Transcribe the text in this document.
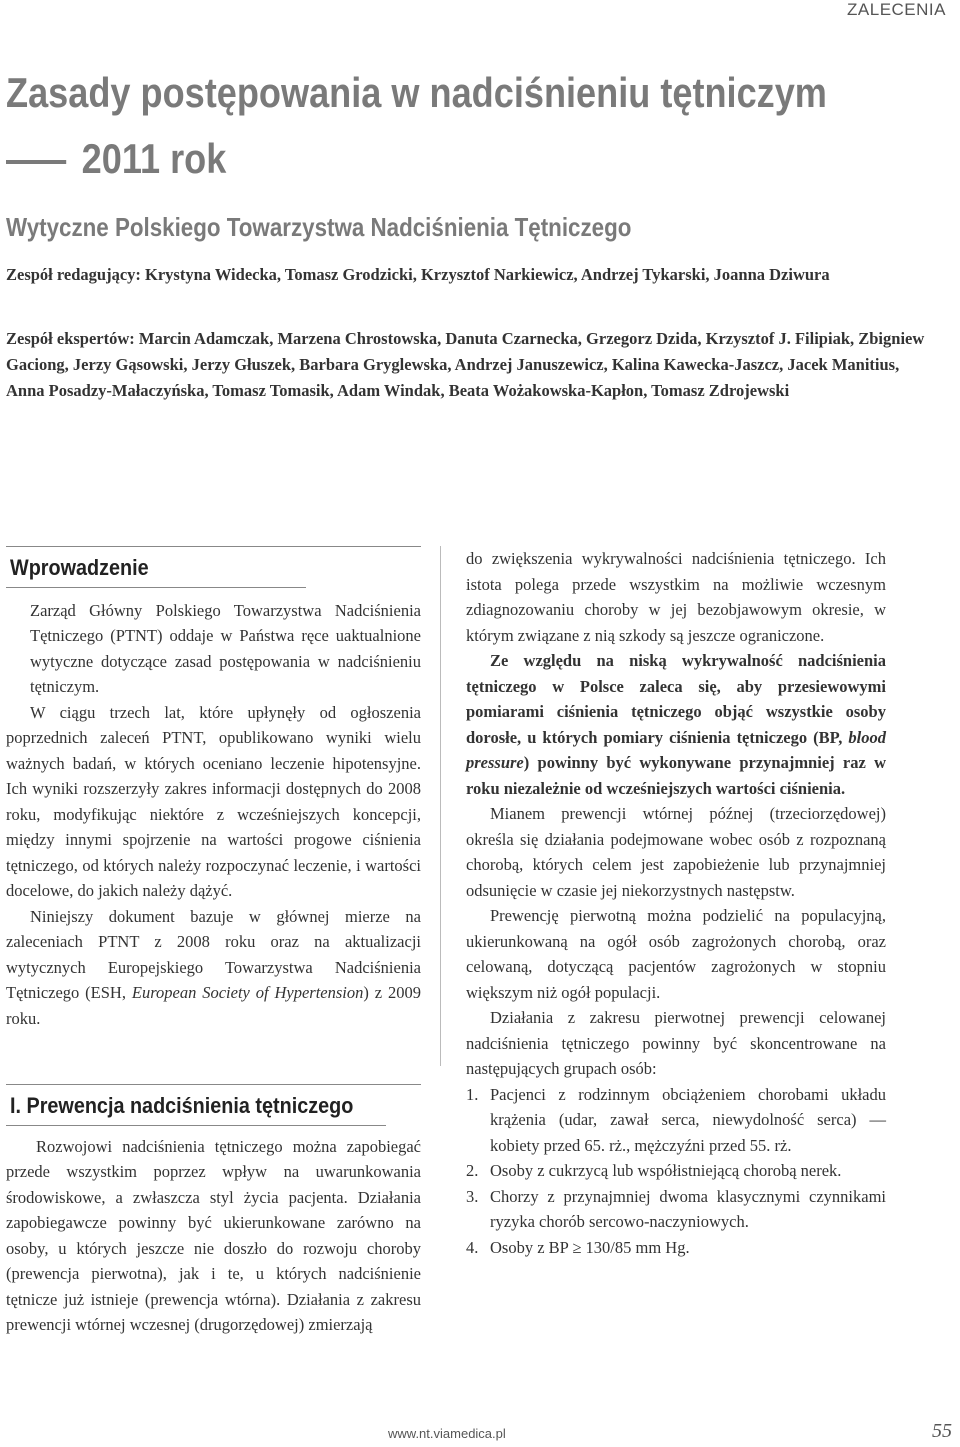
ZALECENIA
Zasady postępowania w nadciśnieniu tętniczym
2011 rok
Wytyczne Polskiego Towarzystwa Nadciśnienia Tętniczego

Zespół redagujący: Krystyna Widecka, Tomasz Grodzicki, Krzysztof Narkiewicz, Andrzej Tykarski, Joanna Dziwura

Zespół ekspertów: Marcin Adamczak, Marzena Chrostowska, Danuta Czarnecka, Grzegorz Dzida, Krzysztof J. Filipiak, Zbigniew Gaciong, Jerzy Gąsowski, Jerzy Głuszek, Barbara Gryglewska, Andrzej Januszewicz, Kalina Kawecka-Jaszcz, Jacek Manitius, Anna Posadzy-Małaczyńska, Tomasz Tomasik, Adam Windak, Beata Wożakowska-Kapłon, Tomasz Zdrojewski

Wprowadzenie

Zarząd Główny Polskiego Towarzystwa Nadciśnienia Tętniczego (PTNT) oddaje w Państwa ręce uaktualnione wytyczne dotyczące zasad postępowania w nadciśnieniu tętniczym.

W ciągu trzech lat, które upłynęły od ogłoszenia poprzednich zaleceń PTNT, opublikowano wyniki wielu ważnych badań, w których oceniano leczenie hipotensyjne. Ich wyniki rozszerzyły zakres informacji dostępnych do 2008 roku, modyfikując niektóre z wcześniejszych koncepcji, między innymi spojrzenie na wartości progowe ciśnienia tętniczego, od których należy rozpoczynać leczenie, i wartości docelowe, do jakich należy dążyć.

Niniejszy dokument bazuje w głównej mierze na zaleceniach PTNT z 2008 roku oraz na aktualizacji wytycznych Europejskiego Towarzystwa Nadciśnienia Tętniczego (ESH, European Society of Hypertension) z 2009 roku.

I. Prewencja nadciśnienia tętniczego

Rozwojowi nadciśnienia tętniczego można zapobiegać przede wszystkim poprzez wpływ na uwarunkowania środowiskowe, a zwłaszcza styl życia pacjenta. Działania zapobiegawcze powinny być ukierunkowane zarówno na osoby, u których jeszcze nie doszło do rozwoju choroby (prewencja pierwotna), jak i te, u których nadciśnienie tętnicze już istnieje (prewencja wtórna). Działania z zakresu prewencji wtórnej wczesnej (drugorzędowej) zmierzają

do zwiększenia wykrywalności nadciśnienia tętniczego. Ich istota polega przede wszystkim na możliwie wczesnym zdiagnozowaniu choroby w jej bezobjawowym okresie, w którym związane z nią szkody są jeszcze ograniczone.

Ze względu na niską wykrywalność nadciśnienia tętniczego w Polsce zaleca się, aby przesiewowymi pomiarami ciśnienia tętniczego objąć wszystkie osoby dorosłe, u których pomiary ciśnienia tętniczego (BP, blood pressure) powinny być wykonywane przynajmniej raz w roku niezależnie od wcześniejszych wartości ciśnienia.

Mianem prewencji wtórnej późnej (trzeciorzędowej) określa się działania podejmowane wobec osób z rozpoznaną chorobą, których celem jest zapobieżenie lub przynajmniej odsunięcie w czasie jej niekorzystnych następstw.

Prewencję pierwotną można podzielić na populacyjną, ukierunkowaną na ogół osób zagrożonych chorobą, oraz celowaną, dotyczącą pacjentów zagrożonych w stopniu większym niż ogół populacji.

Działania z zakresu pierwotnej prewencji celowanej nadciśnienia tętniczego powinny być skoncentrowane na następujących grupach osób:

1. Pacjenci z rodzinnym obciążeniem chorobami układu krążenia (udar, zawał serca, niewydolność serca) — kobiety przed 65. rż., mężczyźni przed 55. rż.
2. Osoby z cukrzycą lub współistniejącą chorobą nerek.
3. Chorzy z przynajmniej dwoma klasycznymi czynnikami ryzyka chorób sercowo-naczyniowych.
4. Osoby z BP ≥ 130/85 mm Hg.
www.nt.viamedica.pl	55
